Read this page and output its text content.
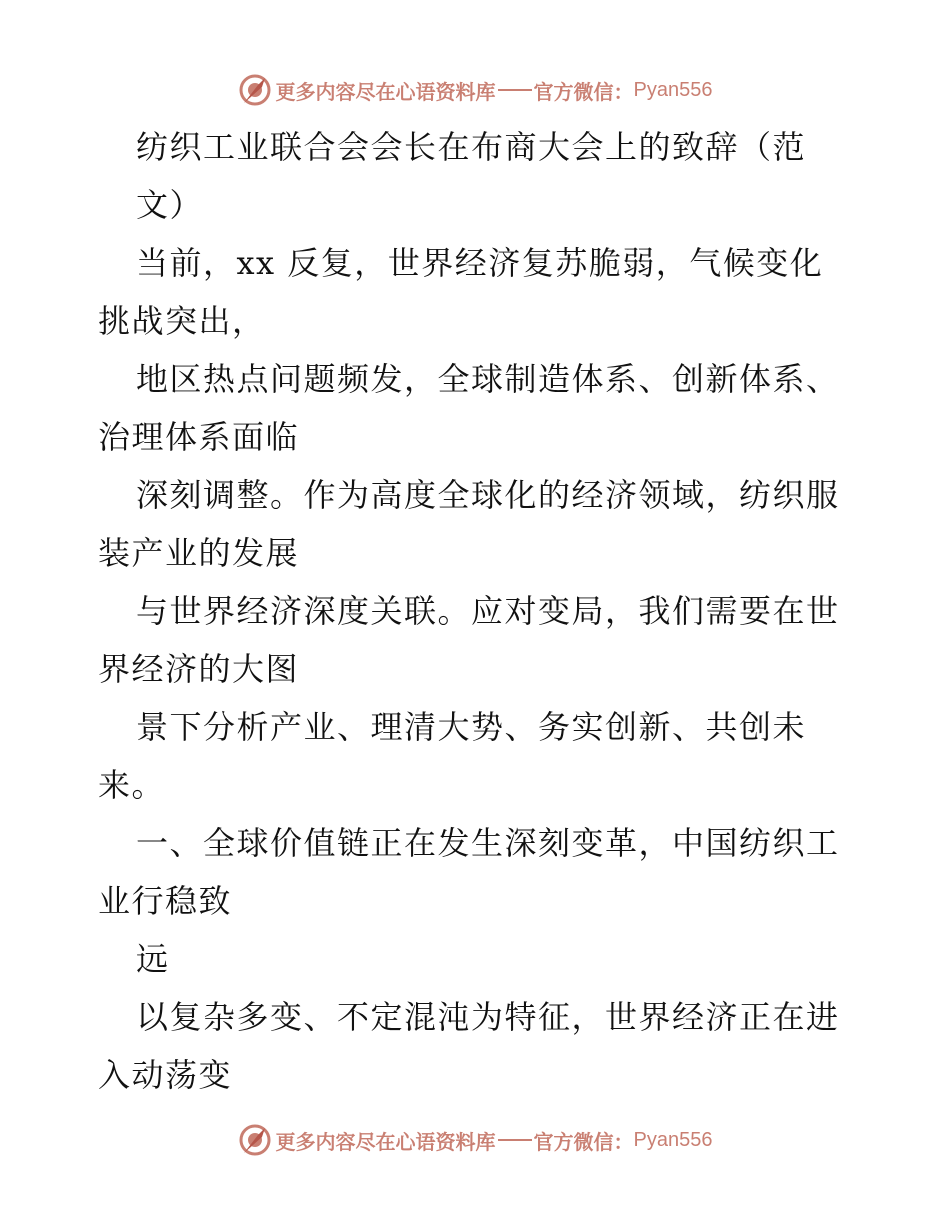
更多内容尽在心语资料库 官方微信： Pyan556
纺织工业联合会会长在布商大会上的致辞（范
文）
当前，xx 反复，世界经济复苏脆弱，气候变化
挑战突出，
地区热点问题频发，全球制造体系、创新体系、
治理体系面临
深刻调整。作为高度全球化的经济领域，纺织服
装产业的发展
与世界经济深度关联。应对变局，我们需要在世
界经济的大图
景下分析产业、理清大势、务实创新、共创未
来。
一、全球价值链正在发生深刻变革，中国纺织工
业行稳致
远
以复杂多变、不定混沌为特征，世界经济正在进
入动荡变
更多内容尽在心语资料库 官方微信： Pyan556
